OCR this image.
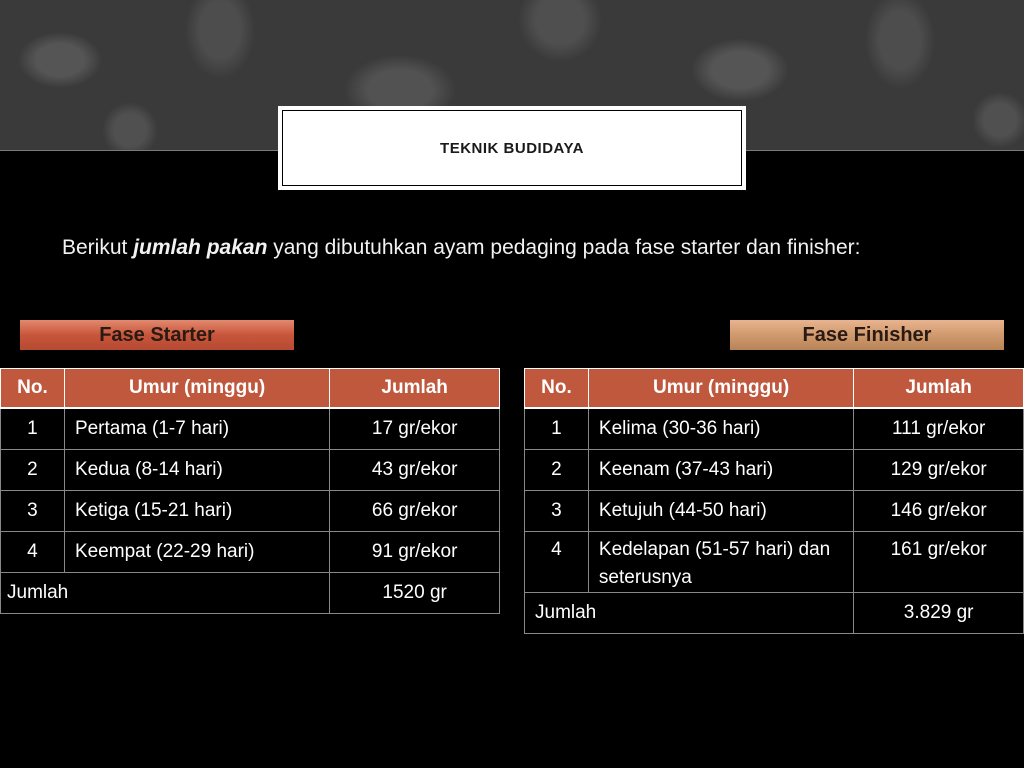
TEKNIK BUDIDAYA
Berikut jumlah pakan yang dibutuhkan ayam pedaging pada fase starter dan finisher:
Fase Starter	Fase Finisher
No.	Umur (minggu)	Jumlah
1	Pertama (1-7 hari)	17 gr/ekor
2	Kedua (8-14 hari)	43 gr/ekor
3	Ketiga (15-21 hari)	66 gr/ekor
4	Keempat (22-29 hari)	91 gr/ekor
Jumlah		1520 gr
No.	Umur (minggu)	Jumlah
1	Kelima (30-36 hari)	111 gr/ekor
2	Keenam (37-43 hari)	129 gr/ekor
3	Ketujuh (44-50 hari)	146 gr/ekor
4	Kedelapan (51-57 hari) dan seterusnya	161 gr/ekor
Jumlah		3.829 gr
